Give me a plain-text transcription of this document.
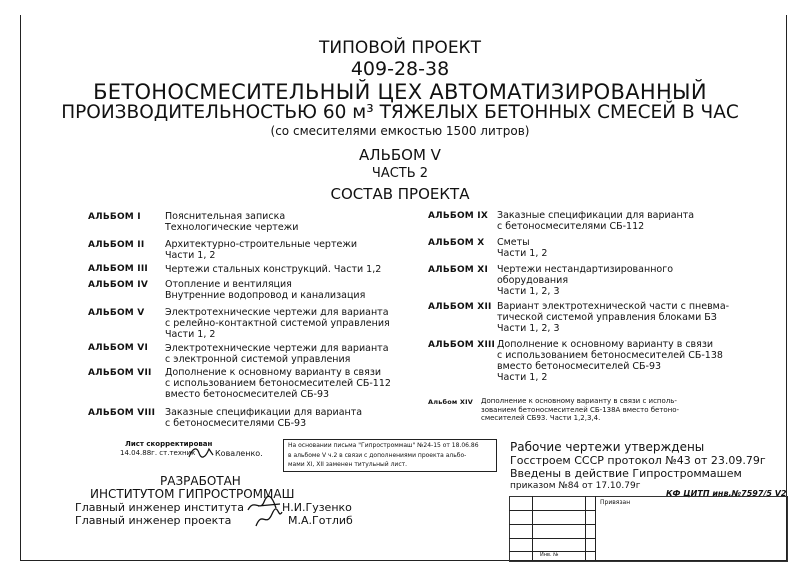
ТИПОВОЙ ПРОЕКТ
409-28-38
БЕТОНОСМЕСИТЕЛЬНЫЙ ЦЕХ АВТОМАТИЗИРОВАННЫЙ
ПРОИЗВОДИТЕЛЬНОСТЬЮ 60 м³ ТЯЖЕЛЫХ БЕТОННЫХ СМЕСЕЙ В ЧАС
(со смесителями емкостью 1500 литров)
АЛЬБОМ V
ЧАСТЬ 2
СОСТАВ ПРОЕКТА
АЛЬБОМ I	Пояснительная записка
Технологические чертежи
АЛЬБОМ II Архитектурно-строительные чертежи
Части 1, 2
АЛЬБОМ III Чертежи стальных конструкций. Части 1,2
АЛЬБОМ IV Отопление и вентиляция
Внутренние водопровод и канализация
АЛЬБОМ V Электротехнические чертежи для варианта
с релейно-контактной системой управления
Части 1, 2
АЛЬБОМ VI Электротехнические чертежи для варианта
с электронной системой управления
АЛЬБОМ VII Дополнение к основному варианту в связи
с использованием бетоносмесителей СБ-112
вместо бетоносмесителей СБ-93
АЛЬБОМ VIII Заказные спецификации для варианта
с бетоносмесителями СБ-93
АЛЬБОМ IX Заказные спецификации для варианта
с бетоносмесителями СБ-112
АЛЬБОМ X Сметы
Части 1, 2
АЛЬБОМ XI Чертежи нестандартизированного
оборудования
Части 1, 2, 3
АЛЬБОМ XII Вариант электротехнической части с пневма-
тической системой управления блоками БЗ
Части 1, 2, 3
АЛЬБОМ XIII Дополнение к основному варианту в связи
с использованием бетоносмесителей СБ-138
вместо бетоносмесителей СБ-93
Части 1, 2
Альбом XIV Дополнение к основному варианту в связи с исполь-
зованием бетоносмесителей СБ-138А вместо бетоно-
смесителей СБ93. Части 1,2,3,4.
Лист скорректирован
14.04.88г. ст.техник Коваленко.
На основании письма "Гипростроммаш" №24-15 от 18.06.86
в альбоме V ч.2 в связи с дополнениями проекта альбо-
мами XI, XII заменен титульный лист.
Рабочие чертежи утверждены
Госстроем СССР протокол №43 от 23.09.79г
Введены в действие Гипростроммашем
приказом №84 от 17.10.79г
РАЗРАБОТАН
ИНСТИТУТОМ ГИПРОСТРОММАШ
Главный инженер института	Н.И.Гузенко
Главный инженер проекта	М.А.Готлиб
КФ ЦИТП инв.№7597/5 V2
Привязан
Инв. №
